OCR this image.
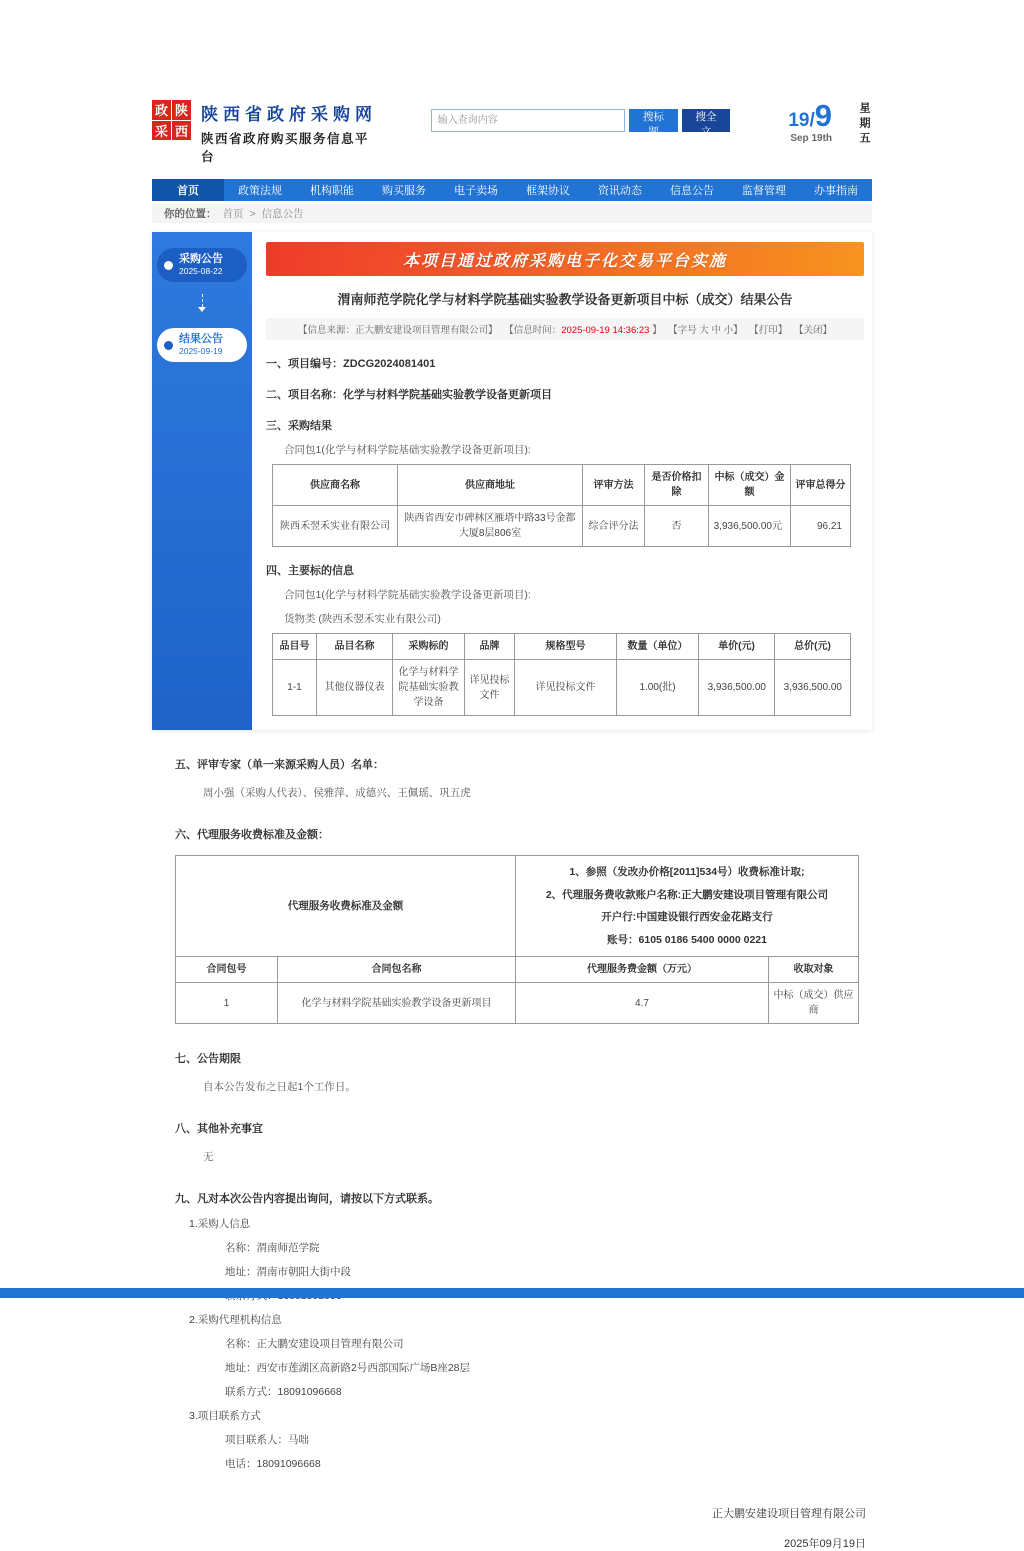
政 陕
采 西
陕西省政府采购网
陕西省政府购买服务信息平台
输入查询内容
搜标题
搜全文
19/9
Sep 19th 星期五
首页	政策法规	机构职能	购买服务	电子卖场	框架协议	资讯动态	信息公告	监督管理	办事指南
你的位置： 首页 > 信息公告
采购公告
2025-08-22
结果公告
2025-09-19
本项目通过政府采购电子化交易平台实施
渭南师范学院化学与材料学院基础实验教学设备更新项目中标（成交）结果公告
【信息来源：正大鹏安建设项目管理有限公司】 【信息时间：2025-09-19 14:36:23 】 【字号 大 中 小】 【打印】 【关闭】
一、项目编号：ZDCG2024081401
二、项目名称：化学与材料学院基础实验教学设备更新项目
三、采购结果
合同包1(化学与材料学院基础实验教学设备更新项目):
供应商名称	供应商地址	评审方法	是否价格扣除	中标（成交）金额	评审总得分
陕西禾翌禾实业有限公司	陕西省西安市碑林区雁塔中路33号金都大厦8层806室	综合评分法	否	3,936,500.00元	96.21
四、主要标的信息
合同包1(化学与材料学院基础实验教学设备更新项目):
货物类 (陕西禾翌禾实业有限公司)
品目号	品目名称	采购标的	品牌	规格型号	数量（单位）	单价(元)	总价(元)
1-1	其他仪器仪表	化学与材料学院基础实验教学设备	详见投标文件	详见投标文件	1.00(批)	3,936,500.00	3,936,500.00
五、评审专家（单一来源采购人员）名单：
周小强（采购人代表）、侯雅萍、成德兴、王佩瑶、巩五虎
六、代理服务收费标准及金额：
代理服务收费标准及金额		1、参照（发改办价格[2011]534号）收费标准计取;
2、代理服务费收款账户名称:正大鹏安建设项目管理有限公司
开户行:中国建设银行西安金花路支行
账号：6105 0186 5400 0000 0221	

合同包号	合同包名称	代理服务费金额（万元）	收取对象
1	化学与材料学院基础实验教学设备更新项目	4.7	中标（成交）供应商
七、公告期限
自本公告发布之日起1个工作日。
八、其他补充事宜
无
九、凡对本次公告内容提出询问，请按以下方式联系。
1.采购人信息
名称：渭南师范学院
地址：渭南市朝阳大街中段
2.采购代理机构信息
名称：正大鹏安建设项目管理有限公司
地址：西安市莲湖区高新路2号西部国际广场B座28层
联系方式：18091096668
3.项目联系方式
项目联系人：马咄
电话：18091096668
正大鹏安建设项目管理有限公司
2025年09月19日
